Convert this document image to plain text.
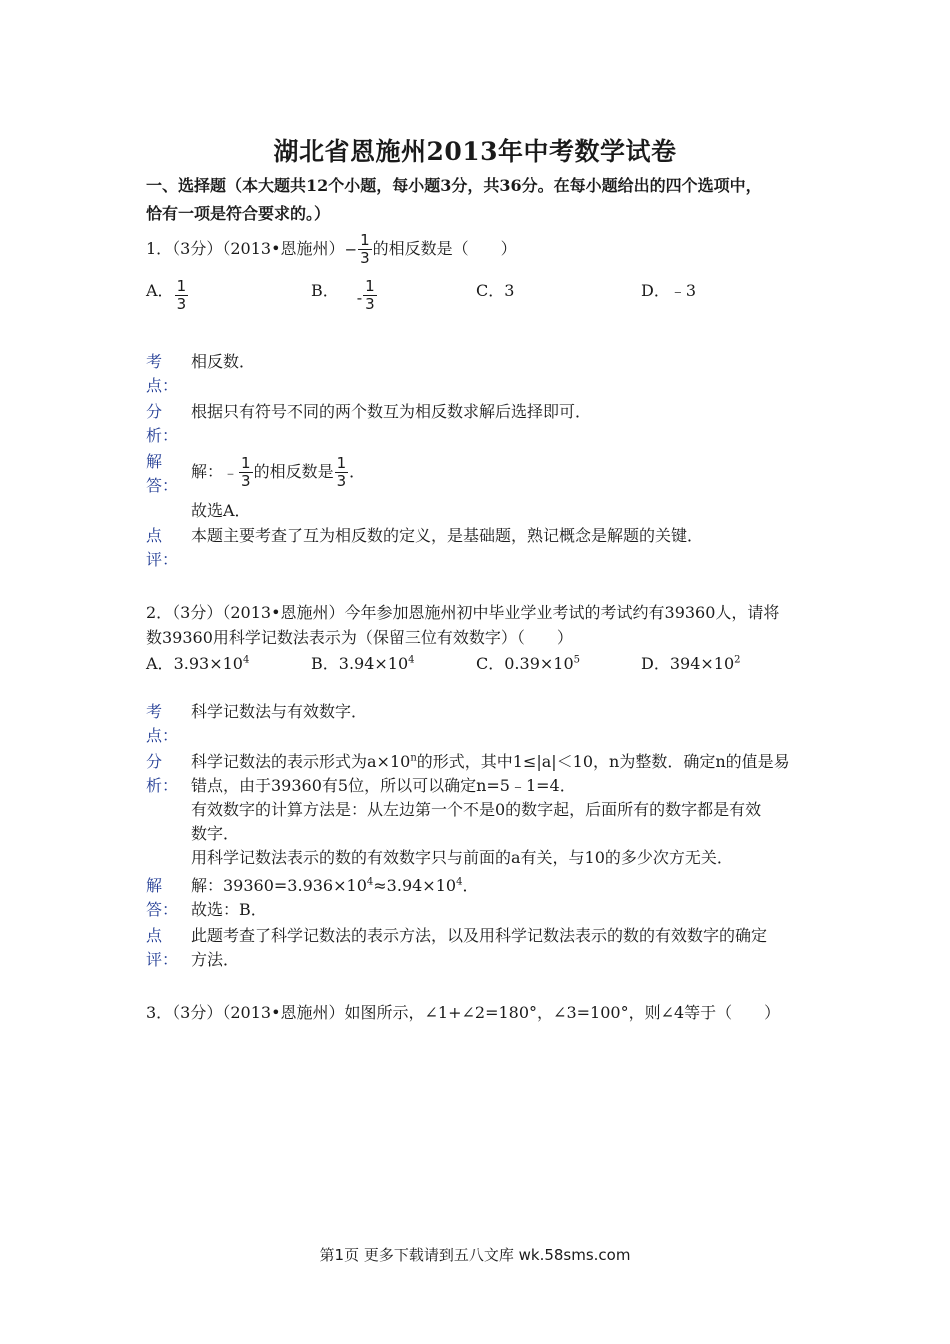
湖北省恩施州2013年中考数学试卷
一、选择题（本大题共12个小题，每小题3分，共36分。在每小题给出的四个选项中，
恰有一项是符合要求的。）
1．（3分）（2013•恩施州）− $\frac{1}{3}$ 的相反数是（　　）
A． $\frac{1}{3}$	B． - $\frac{1}{3}$	C．3	D．﹣3
考
点：
相反数．
分
析：
根据只有符号不同的两个数互为相反数求解后选择即可．
解
答：
解：﹣ $\frac{1}{3}$ 的相反数是 $\frac{1}{3}$ ．
故选A．
点
评：
本题主要考查了互为相反数的定义，是基础题，熟记概念是解题的关键．
2．（3分）（2013•恩施州）今年参加恩施州初中毕业学业考试的考试约有39360人，请将
数39360用科学记数法表示为（保留三位有效数字）（　　）
A．$3.93\times 10^4$	B．$3.94\times 10^4$	C．$0.39\times 10^5$	D．$394\times 10^2$
考
点：
科学记数法与有效数字．
分
析：
科学记数法的表示形式为$a\times 10^n$的形式，其中1≤|a|＜10，n为整数．确定n的值是易
错点，由于39360有5位，所以可以确定n=5﹣1=4．
有效数字的计算方法是：从左边第一个不是0的数字起，后面所有的数字都是有效
数字．
用科学记数法表示的数的有效数字只与前面的a有关，与10的多少次方无关．
解
答：
解：$39360=3.936\times 10^4\approx 3.94\times 10^4$．
故选：B．
点
评：
此题考查了科学记数法的表示方法，以及用科学记数法表示的数的有效数字的确定
方法．
3．（3分）（2013•恩施州）如图所示，∠1+∠2=180°，∠3=100°，则∠4等于（　　）
第1页 更多下载请到五八文库 wk.58sms.com
